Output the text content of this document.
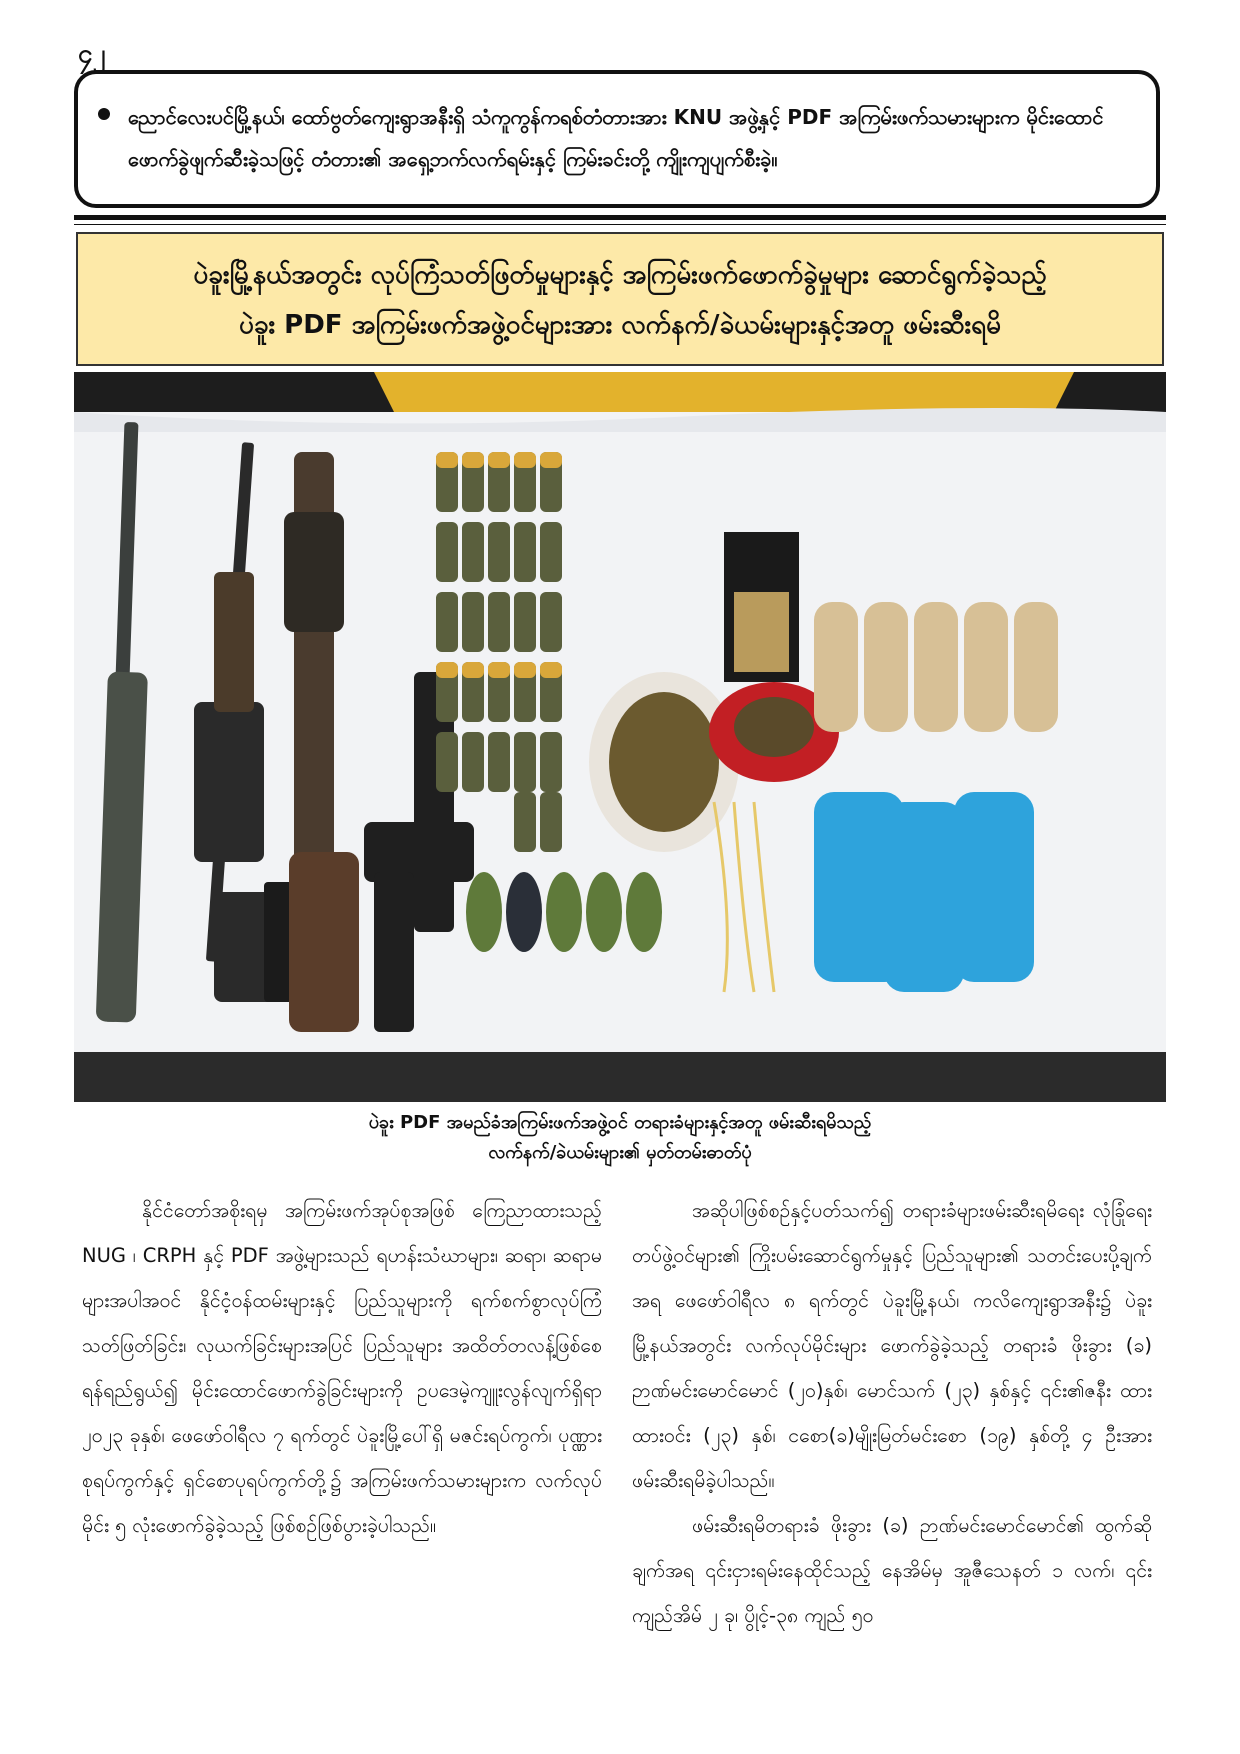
၄၂
ညောင်လေးပင်မြို့နယ်၊ ထော်ဗွတ်ကျေးရွာအနီးရှိ သံကူကွန်ကရစ်တံတားအား KNU အဖွဲ့နှင့် PDF အကြမ်းဖက်သမားများက မိုင်းထောင်ဖောက်ခွဲဖျက်ဆီးခဲ့သဖြင့် တံတား၏ အရှေ့ဘက်လက်ရမ်းနှင့် ကြမ်းခင်းတို့ ကျိုးကျပျက်စီးခဲ့။
ပဲခူးမြို့နယ်အတွင်း လုပ်ကြံသတ်ဖြတ်မှုများနှင့် အကြမ်းဖက်ဖောက်ခွဲမှုများ ဆောင်ရွက်ခဲ့သည့်
ပဲခူး PDF အကြမ်းဖက်အဖွဲ့ဝင်များအား လက်နက်/ခဲယမ်းများနှင့်အတူ ဖမ်းဆီးရမိ
ပဲခူး PDF အမည်ခံအကြမ်းဖက်အဖွဲ့ဝင် တရားခံများနှင့်အတူ ဖမ်းဆီးရမိသည့်
လက်နက်/ခဲယမ်းများ၏ မှတ်တမ်းဓာတ်ပုံ

နိုင်ငံတော်အစိုးရမှ အကြမ်းဖက်အုပ်စုအဖြစ် ကြေညာထားသည့် NUG ၊ CRPH နှင့် PDF အဖွဲ့များသည် ရဟန်းသံဃာများ၊ ဆရာ၊ ဆရာမများအပါအဝင် နိုင်ငံ့ဝန်ထမ်းများနှင့် ပြည်သူများကို ရက်စက်စွာလုပ်ကြံသတ်ဖြတ်ခြင်း၊ လုယက်ခြင်းများအပြင် ပြည်သူများ အထိတ်တလန့်ဖြစ်စေရန်ရည်ရွယ်၍ မိုင်းထောင်ဖောက်ခွဲခြင်းများကို ဥပဒေမဲ့ကျူးလွန်လျက်ရှိရာ ၂၀၂၃ ခုနှစ်၊ ဖေဖော်ဝါရီလ ၇ ရက်တွင် ပဲခူးမြို့ပေါ်ရှိ မဇင်းရပ်ကွက်၊ ပုဏ္ဏားစုရပ်ကွက်နှင့် ရှင်စောပုရပ်ကွက်တို့၌ အကြမ်းဖက်သမားများက လက်လုပ်မိုင်း ၅ လုံးဖောက်ခွဲခဲ့သည့် ဖြစ်စဉ်ဖြစ်ပွားခဲ့ပါသည်။

အဆိုပါဖြစ်စဉ်နှင့်ပတ်သက်၍ တရားခံများဖမ်းဆီးရမိရေး လုံခြုံရေးတပ်ဖွဲ့ဝင်များ၏ ကြိုးပမ်းဆောင်ရွက်မှုနှင့် ပြည်သူများ၏ သတင်းပေးပို့ချက်အရ ဖေဖော်ဝါရီလ ၈ ရက်တွင် ပဲခူးမြို့နယ်၊ ကလိကျေးရွာအနီး၌ ပဲခူးမြို့နယ်အတွင်း လက်လုပ်မိုင်းများ ဖောက်ခွဲခဲ့သည့် တရားခံ ဖိုးခွား (ခ) ဉာဏ်မင်းမောင်မောင် (၂၀)နှစ်၊ မောင်သက် (၂၃) နှစ်နှင့် ၎င်း၏ဇနီး ထားထားဝင်း (၂၃) နှစ်၊ ငစော(ခ)မျိုးမြတ်မင်းစော (၁၉) နှစ်တို့ ၄ ဦးအား ဖမ်းဆီးရမိခဲ့ပါသည်။

ဖမ်းဆီးရမိတရားခံ ဖိုးခွား (ခ) ဉာဏ်မင်းမောင်မောင်၏ ထွက်ဆိုချက်အရ ၎င်းငှားရမ်းနေထိုင်သည့် နေအိမ်မှ အူဇီသေနတ် ၁ လက်၊ ၎င်းကျည်အိမ် ၂ ခု၊ ပွိုင့်-၃၈ ကျည် ၅၀
